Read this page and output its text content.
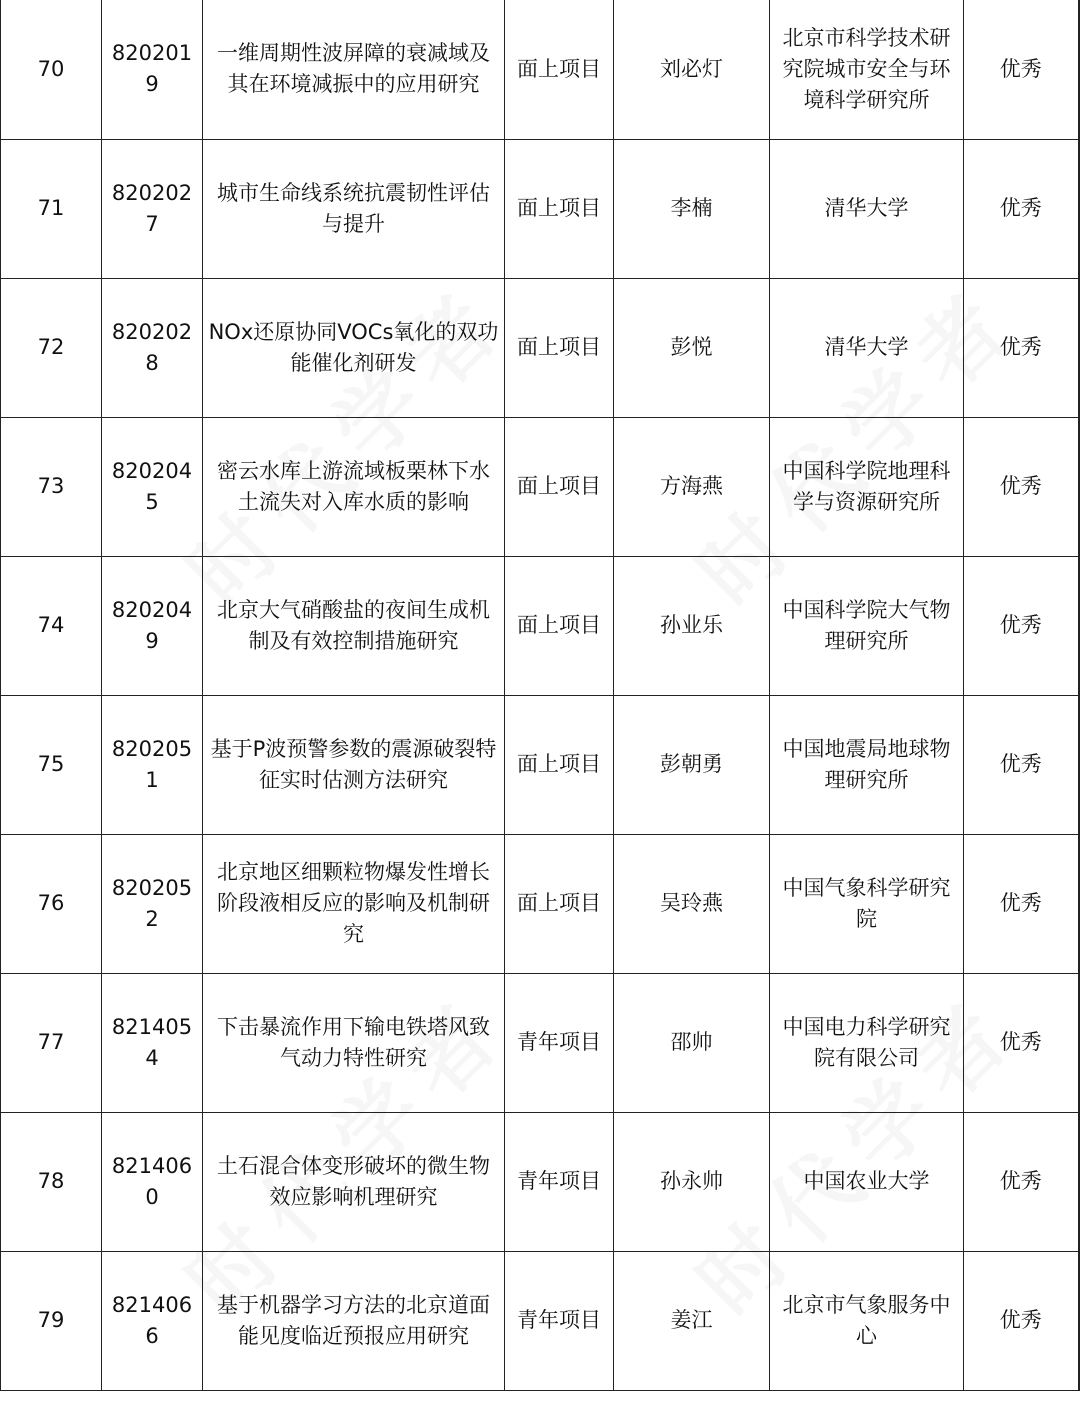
70	8202019	一维周期性波屏障的衰减域及其在环境减振中的应用研究	面上项目	刘必灯	北京市科学技术研究院城市安全与环境科学研究所	优秀
71	8202027	城市生命线系统抗震韧性评估与提升	面上项目	李楠	清华大学	优秀
72	8202028	NOx还原协同VOCs氧化的双功能催化剂研发	面上项目	彭悦	清华大学	优秀
73	8202045	密云水库上游流域板栗林下水土流失对入库水质的影响	面上项目	方海燕	中国科学院地理科学与资源研究所	优秀
74	8202049	北京大气硝酸盐的夜间生成机制及有效控制措施研究	面上项目	孙业乐	中国科学院大气物理研究所	优秀
75	8202051	基于P波预警参数的震源破裂特征实时估测方法研究	面上项目	彭朝勇	中国地震局地球物理研究所	优秀
76	8202052	北京地区细颗粒物爆发性增长阶段液相反应的影响及机制研究	面上项目	吴玲燕	中国气象科学研究院	优秀
77	8214054	下击暴流作用下输电铁塔风致气动力特性研究	青年项目	邵帅	中国电力科学研究院有限公司	优秀
78	8214060	土石混合体变形破坏的微生物效应影响机理研究	青年项目	孙永帅	中国农业大学	优秀
79	8214066	基于机器学习方法的北京道面能见度临近预报应用研究	青年项目	姜江	北京市气象服务中心	优秀
